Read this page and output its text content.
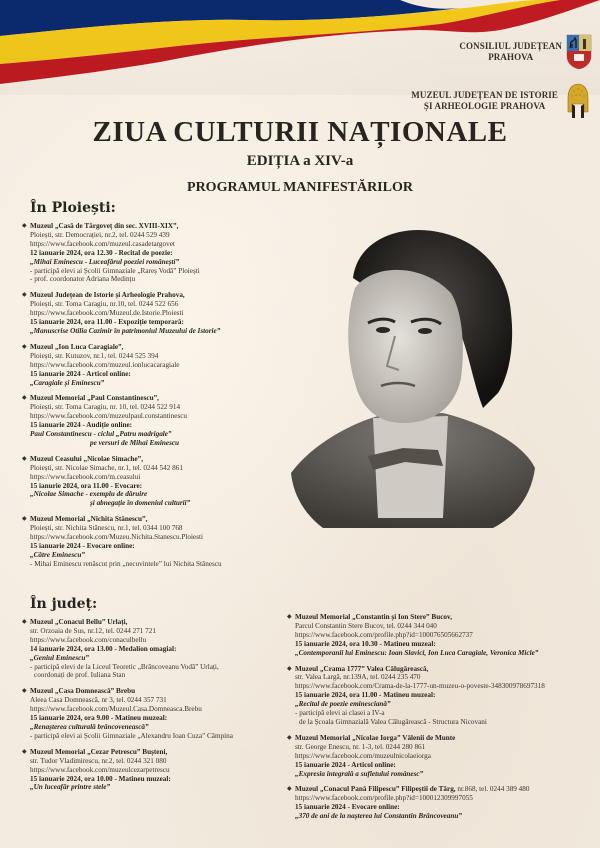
CONSILIUL JUDEȚEAN
PRAHOVA
MUZEUL JUDEȚEAN DE ISTORIE
ȘI ARHEOLOGIE PRAHOVA
ZIUA CULTURII NAȚIONALE
EDIȚIA a XIV-a
PROGRAMUL MANIFESTĂRILOR
În Ploiești:
◆ Muzeul „Casă de Târgoveț din sec. XVIII-XIX”,
Ploiești, str. Democrației, nr.2, tel. 0244 529 439
https://www.facebook.com/muzeul.casadetargovet
12 ianuarie 2024, ora 12.30 - Recital de poezie:
„Mihai Eminescu - Luceafărul poeziei românești”
- participă elevi ai Școlii Gimnaziale „Rareș Vodă” Ploiești
- prof. coordonator Adriana Medințu
◆ Muzeul Județean de Istorie și Arheologie Prahova,
Ploiești, str. Toma Caragiu, nr.10, tel. 0244 522 656
https://www.facebook.com/Muzeul.de.Istorie.Ploiesti
15 ianuarie 2024, ora 11.00 - Expoziție temporară:
„Manuscrise Otilia Cazimir în patrimoniul Muzeului de Istorie”
◆ Muzeul „Ion Luca Caragiale”,
Ploiești, str. Kutuzov, nr.1, tel. 0244 525 394
https://www.facebook.com/muzeul.ionlucacaragiale
15 ianuarie 2024 - Articol online:
„Caragiale și Eminescu”
◆ Muzeul Memorial „Paul Constantinescu”,
Ploiești, str. Toma Caragiu, nr. 10, tel. 0244 522 914
https://www.facebook.com/muzeulpaul.constantinescu
15 ianuarie 2024 - Audiție online:
Paul Constantinescu - ciclul „Patru madrigale”
pe versuri de Mihai Eminescu
◆ Muzeul Ceasului „Nicolae Simache”,
Ploiești, str. Nicolae Simache, nr.1, tel. 0244 542 861
https://www.facebook.com/m.ceasului
15 ianurie 2024, ora 11.00 - Evocare:
„Nicolae Simache - exemplu de dăruire
și abnegație în domeniul culturii”
◆ Muzeul Memorial „Nichita Stănescu”,
Ploiești, str. Nichita Stănescu, nr.1, tel. 0344 100 768
https://www.facebook.com/Muzeu.Nichita.Stanescu.Ploiesti
15 ianuarie 2024 - Evocare online:
„Către Eminescu”
- Mihai Eminescu renăscut prin „necuvintele” lui Nichita Stănescu
În județ:
◆ Muzeul „Conacul Bellu” Urlați,
str. Orzoaia de Sus, nr.12, tel. 0244 271 721
https://www.facebook.com/conaculbellu
14 ianuarie 2024, ora 13.00 - Medalion omagial:
„Geniul Eminescu”
- participă elevi de la Liceul Teoretic „Brâncoveanu Vodă” Urlați,
coordonați de prof. Iuliana Stan
◆ Muzeul „Casa Domnească” Brebu
Aleea Casa Domnească, nr 3, tel. 0244 357 731
https://www.facebook.com/Muzeul.Casa.Domneasca.Brebu
15 ianuarie 2024, ora 9.00 - Matineu muzeal:
„Renașterea culturală brâncovenească”
- participă elevi ai Școlii Gimnaziale „Alexandru Ioan Cuza” Câmpina
◆ Muzeul Memorial „Cezar Petrescu” Bușteni,
str. Tudor Vladimirescu, nr.2, tel. 0244 321 080
https://www.facebook.com/muzeulcezarpetrescu
15 ianuarie 2024, ora 10.00 - Matineu muzeal:
„Un luceafăr printre stele”
◆ Muzeul Memorial „Constantin și Ion Stere” Bucov,
Parcul Constantin Stere Bucov, tel. 0244 344 040
https://www.facebook.com/profile.php?id=100076505662737
15 ianuarie 2024, ora 10.30 - Matineu muzeal:
„Contemporanii lui Eminescu: Ioan Slavici, Ion Luca Caragiale, Veronica Micle”
◆ Muzeul „Crama 1777” Valea Călugărească,
str. Valea Largă, nr.139A, tel. 0244 235 470
https://www.facebook.com/Crama-de-la-1777-un-muzeu-o-poveste-348300978697318
15 ianuarie 2024, ora 11.00 - Matineu muzeal:
„Recital de poezie eminesciană”
- participă elevi ai clasei a IV-a
de la Școala Gimnazială Valea Călugărească - Structura Nicovani
◆ Muzeul Memorial „Nicolae Iorga” Vălenii de Munte
str. George Enescu, nr. 1-3, tel. 0244 280 861
https://www.facebook.com/muzeulnicolaeiorga
15 ianuarie 2024 - Articol online:
„Expresia integrală a sufletului românesc”
◆ Muzeul „Conacul Pană Filipescu” Filipeștii de Târg, nr.868, tel. 0244 389 480
https://www.facebook.com/profile.php?id=100012309997055
15 ianuarie 2024 - Evocare online:
„370 de ani de la nașterea lui Constantin Brâncoveanu”
